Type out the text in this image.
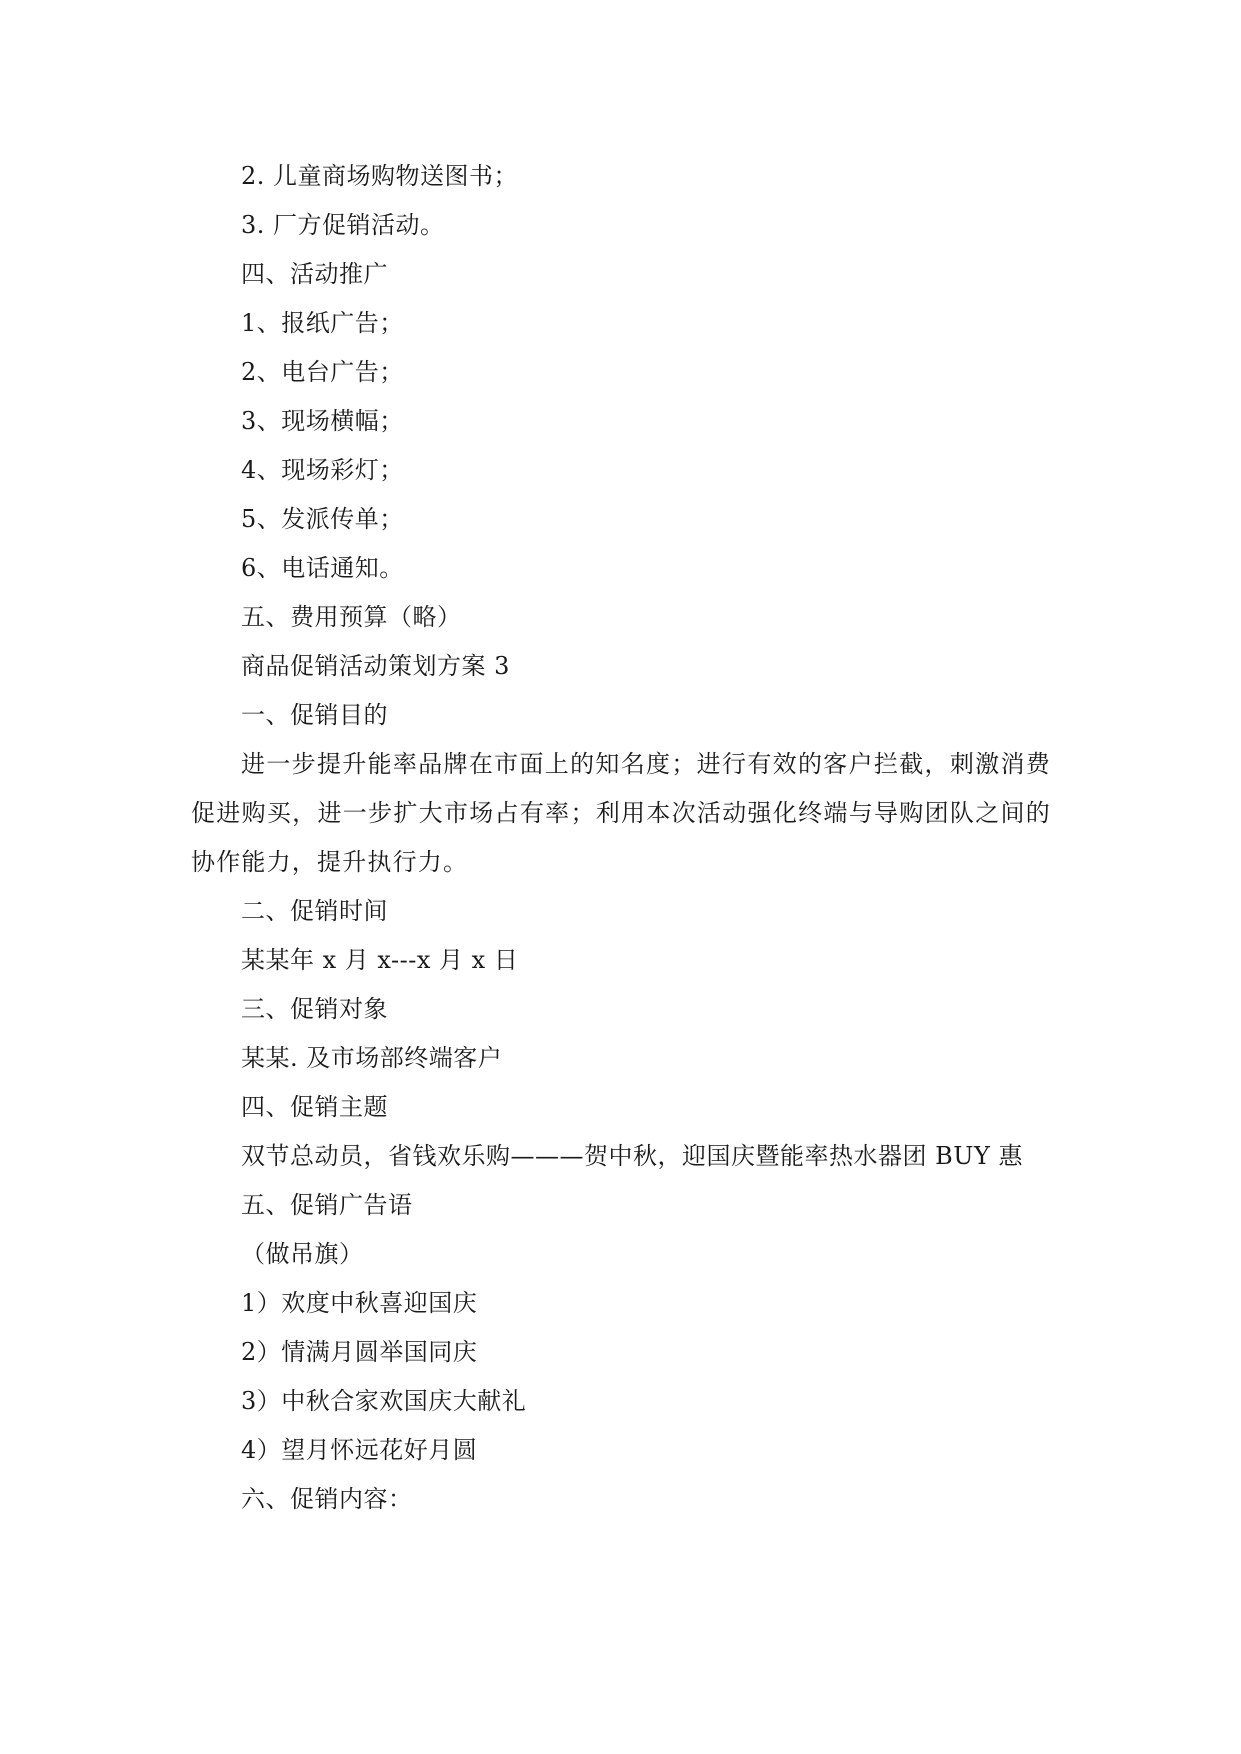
2. 儿童商场购物送图书；

3. 厂方促销活动。

四、活动推广

1、报纸广告；

2、电台广告；

3、现场横幅；

4、现场彩灯；

5、发派传单；

6、电话通知。

五、费用预算（略）

商品促销活动策划方案 3

一、促销目的

进一步提升能率品牌在市面上的知名度；进行有效的客户拦截，刺激消费促进购买，进一步扩大市场占有率；利用本次活动强化终端与导购团队之间的协作能力，提升执行力。

二、促销时间

某某年 x 月 x---x 月 x 日

三、促销对象

某某. 及市场部终端客户

四、促销主题

双节总动员，省钱欢乐购———贺中秋，迎国庆暨能率热水器团 BUY 惠

五、促销广告语

（做吊旗）

1）欢度中秋喜迎国庆

2）情满月圆举国同庆

3）中秋合家欢国庆大献礼

4）望月怀远花好月圆

六、促销内容：
